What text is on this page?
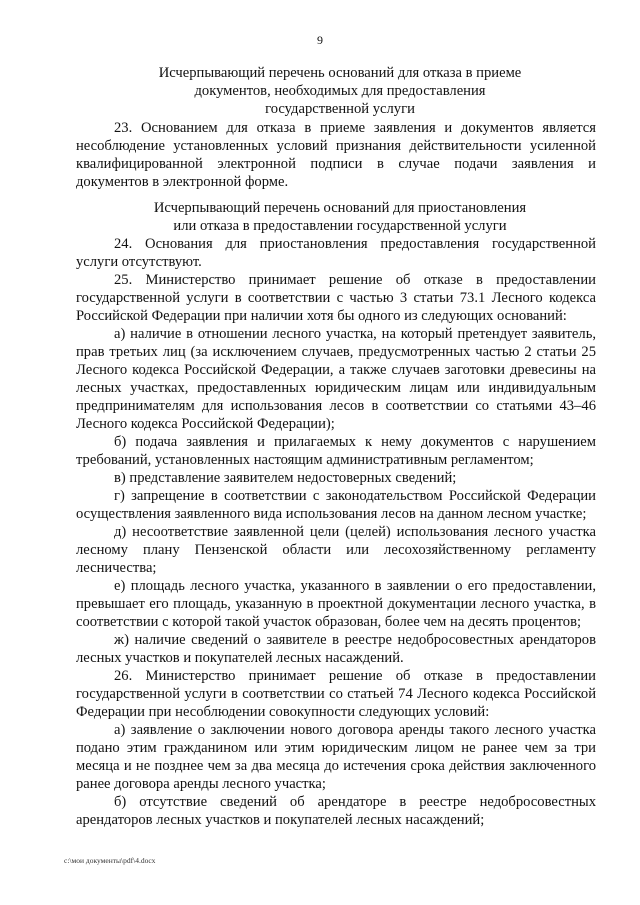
9
Исчерпывающий перечень оснований для отказа в приеме
документов, необходимых для предоставления
государственной услуги

23. Основанием для отказа в приеме заявления и документов является несоблюдение установленных условий признания действительности усиленной квалифицированной электронной подписи в случае подачи заявления и документов в электронной форме.

Исчерпывающий перечень оснований для приостановления
или отказа в предоставлении государственной услуги

24. Основания для приостановления предоставления государственной услуги отсутствуют.

25. Министерство принимает решение об отказе в предоставлении государственной услуги в соответствии с частью 3 статьи 73.1 Лесного кодекса Российской Федерации при наличии хотя бы одного из следующих оснований:

а) наличие в отношении лесного участка, на который претендует заявитель, прав третьих лиц (за исключением случаев, предусмотренных частью 2 статьи 25 Лесного кодекса Российской Федерации, а также случаев заготовки древесины на лесных участках, предоставленных юридическим лицам или индивидуальным предпринимателям для использования лесов в соответствии со статьями 43–46 Лесного кодекса Российской Федерации);

б) подача заявления и прилагаемых к нему документов с нарушением требований, установленных настоящим административным регламентом;

в) представление заявителем недостоверных сведений;

г) запрещение в соответствии с законодательством Российской Федерации осуществления заявленного вида использования лесов на данном лесном участке;

д) несоответствие заявленной цели (целей) использования лесного участка лесному плану Пензенской области или лесохозяйственному регламенту лесничества;

е) площадь лесного участка, указанного в заявлении о его предоставлении, превышает его площадь, указанную в проектной документации лесного участка, в соответствии с которой такой участок образован, более чем на десять процентов;

ж) наличие сведений о заявителе в реестре недобросовестных арендаторов лесных участков и покупателей лесных насаждений.

26. Министерство принимает решение об отказе в предоставлении государственной услуги в соответствии со статьей 74 Лесного кодекса Российской Федерации при несоблюдении совокупности следующих условий:

а) заявление о заключении нового договора аренды такого лесного участка подано этим гражданином или этим юридическим лицом не ранее чем за три месяца и не позднее чем за два месяца до истечения срока действия заключенного ранее договора аренды лесного участка;

б) отсутствие сведений об арендаторе в реестре недобросовестных арендаторов лесных участков и покупателей лесных насаждений;

c:\мои документы\pdf\4.docx
